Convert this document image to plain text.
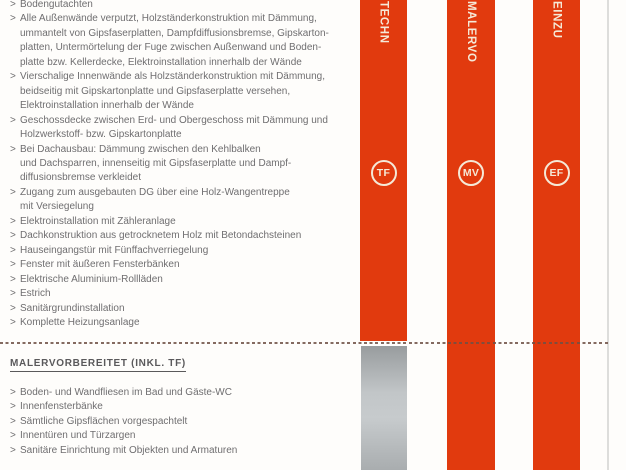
> Bodengutachten
> Alle Außenwände verputzt, Holzständerkonstruktion mit Dämmung,
ummantelt von Gipsfaserplatten, Dampfdiffusionsbremse, Gipskarton-
platten, Untermörtelung der Fuge zwischen Außenwand und Boden-
platte bzw. Kellerdecke, Elektroinstallation innerhalb der Wände
> Vierschalige Innenwände als Holzständerkonstruktion mit Dämmung,
beidseitig mit Gipskartonplatte und Gipsfaserplatte versehen,
Elektroinstallation innerhalb der Wände
> Geschossdecke zwischen Erd- und Obergeschoss mit Dämmung und
Holzwerkstoff- bzw. Gipskartonplatte
> Bei Dachausbau: Dämmung zwischen den Kehlbalken
und Dachsparren, innenseitig mit Gipsfaserplatte und Dampf-
diffusionsbremse verkleidet
> Zugang zum ausgebauten DG über eine Holz-Wangentreppe
mit Versiegelung
> Elektroinstallation mit Zähleranlage
> Dachkonstruktion aus getrocknetem Holz mit Betondachsteinen
> Hauseingangstür mit Fünffachverriegelung
> Fenster mit äußeren Fensterbänken
> Elektrische Aluminium-Rollläden
> Estrich
> Sanitärgrundinstallation
> Komplette Heizungsanlage
MALERVORBEREITET (INKL. TF)
> Boden- und Wandfliesen im Bad und Gäste-WC
> Innenfensterbänke
> Sämtliche Gipsflächen vorgespachtelt
> Innentüren und Türzargen
> Sanitäre Einrichtung mit Objekten und Armaturen
TECHN
TF
MALERVO
MV
EINZU
EF
